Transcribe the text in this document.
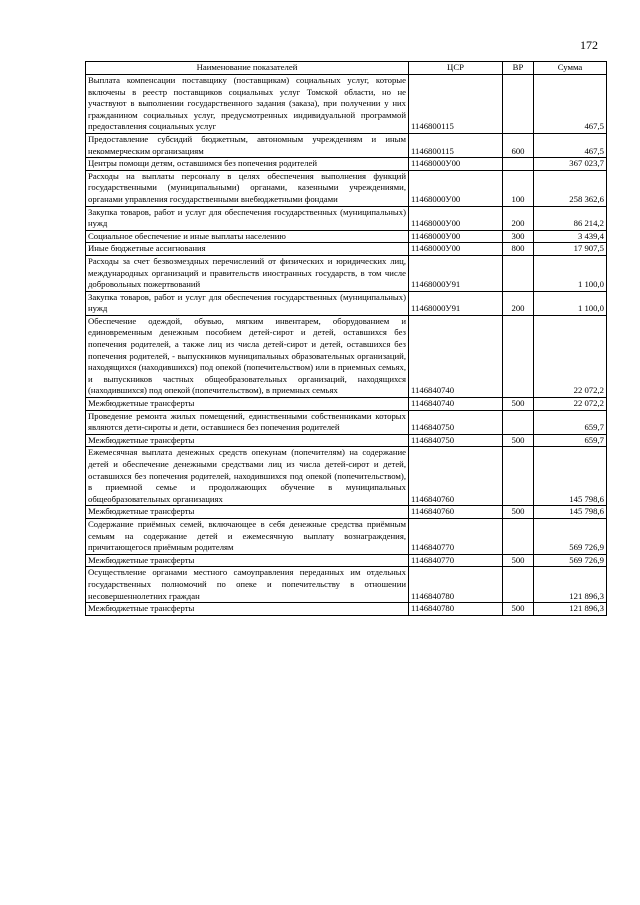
172
Наименование показателей	ЦСР	ВР	Сумма
Выплата компенсации поставщику (поставщикам) социальных услуг, которые включены в реестр поставщиков социальных услуг Томской области, но не участвуют в выполнении государственного задания (заказа), при получении у них гражданином социальных услуг, предусмотренных индивидуальной программой предоставления социальных услуг	1146800115		467,5
Предоставление субсидий бюджетным, автономным учреждениям и иным некоммерческим организациям	1146800115	600	467,5
Центры помощи детям, оставшимся без попечения родителей	11468000У00		367 023,7
Расходы на выплаты персоналу в целях обеспечения выполнения функций государственными (муниципальными) органами, казенными учреждениями, органами управления государственными внебюджетными фондами	11468000У00	100	258 362,6
Закупка товаров, работ и услуг для обеспечения государственных (муниципальных) нужд	11468000У00	200	86 214,2
Социальное обеспечение и иные выплаты населению	11468000У00	300	3 439,4
Иные бюджетные ассигнования	11468000У00	800	17 907,5
Расходы за счет безвозмездных перечислений от физических и юридических лиц, международных организаций и правительств иностранных государств, в том числе добровольных пожертвований	11468000У91		1 100,0
Закупка товаров, работ и услуг для обеспечения государственных (муниципальных) нужд	11468000У91	200	1 100,0
Обеспечение одеждой, обувью, мягким инвентарем, оборудованием и единовременным денежным пособием детей-сирот и детей, оставшихся без попечения родителей, а также лиц из числа детей-сирот и детей, оставшихся без попечения родителей, - выпускников муниципальных образовательных организаций, находящихся (находившихся) под опекой (попечительством) или в приемных семьях, и выпускников частных общеобразовательных организаций, находящихся (находившихся) под опекой (попечительством), в приемных семьях	1146840740		22 072,2
Межбюджетные трансферты	1146840740	500	22 072,2
Проведение ремонта жилых помещений, единственными собственниками которых являются дети-сироты и дети, оставшиеся без попечения родителей	1146840750		659,7
Межбюджетные трансферты	1146840750	500	659,7
Ежемесячная выплата денежных средств опекунам (попечителям) на содержание детей и обеспечение денежными средствами лиц из числа детей-сирот и детей, оставшихся без попечения родителей, находившихся под опекой (попечительством), в приемной семье и продолжающих обучение в муниципальных общеобразовательных организациях	1146840760		145 798,6
Межбюджетные трансферты	1146840760	500	145 798,6
Содержание приёмных семей, включающее в себя денежные средства приёмным семьям на содержание детей и ежемесячную выплату вознаграждения, причитающегося приёмным родителям	1146840770		569 726,9
Межбюджетные трансферты	1146840770	500	569 726,9
Осуществление органами местного самоуправления переданных им отдельных государственных полномочий по опеке и попечительству в отношении несовершеннолетних граждан	1146840780		121 896,3
Межбюджетные трансферты	1146840780	500	121 896,3
